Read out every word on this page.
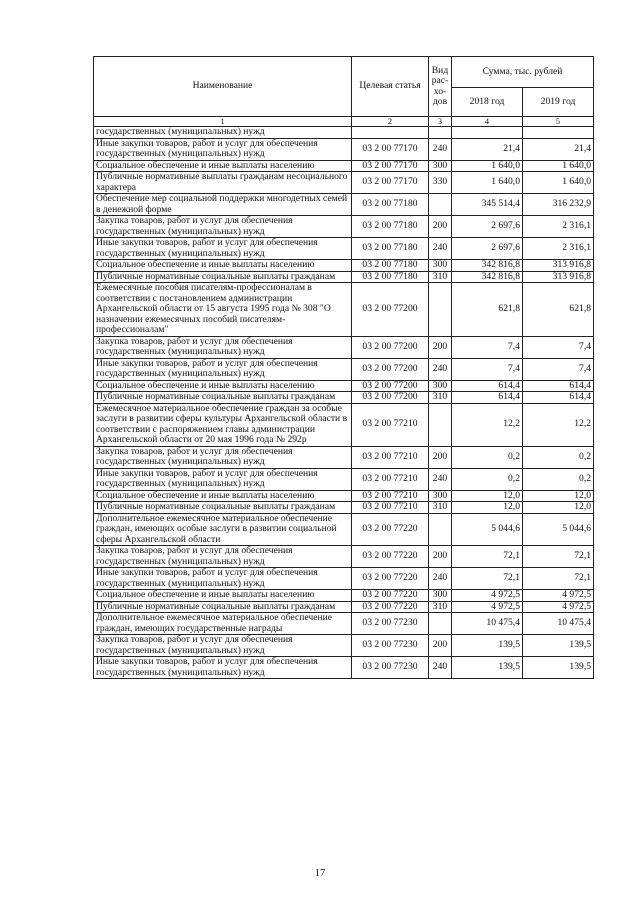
Наименование	Целевая статья	Вид
рас-
хо-
дов	Сумма, тыс. рублей	
			2018 год	2019 год
1	2	3	4	5
государственных (муниципальных) нужд				
Иные закупки товаров, работ и услуг для обеспечения государственных (муниципальных) нужд	03 2 00 77170	240	21,4	21,4
Социальное обеспечение и иные выплаты населению	03 2 00 77170	300	1 640,0	1 640,0
Публичные нормативные выплаты гражданам несоциального характера	03 2 00 77170	330	1 640,0	1 640,0
Обеспечение мер социальной поддержки многодетных семей в денежной форме	03 2 00 77180		345 514,4	316 232,9
Закупка товаров, работ и услуг для обеспечения государственных (муниципальных) нужд	03 2 00 77180	200	2 697,6	2 316,1
Иные закупки товаров, работ и услуг для обеспечения государственных (муниципальных) нужд	03 2 00 77180	240	2 697,6	2 316,1
Социальное обеспечение и иные выплаты населению	03 2 00 77180	300	342 816,8	313 916,8
Публичные нормативные социальные выплаты гражданам	03 2 00 77180	310	342 816,8	313 916,8
Ежемесячные пособия писателям-профессионалам в соответствии с постановлением администрации Архангельской области от 15 августа 1995 года № 308 "О назначении ежемесячных пособий писателям-профессионалам"	03 2 00 77200		621,8	621,8
Закупка товаров, работ и услуг для обеспечения государственных (муниципальных) нужд	03 2 00 77200	200	7,4	7,4
Иные закупки товаров, работ и услуг для обеспечения государственных (муниципальных) нужд	03 2 00 77200	240	7,4	7,4
Социальное обеспечение и иные выплаты населению	03 2 00 77200	300	614,4	614,4
Публичные нормативные социальные выплаты гражданам	03 2 00 77200	310	614,4	614,4
Ежемесячное материальное обеспечение граждан за особые заслуги в развитии сферы культуры Архангельской области в соответствии с распоряжением главы администрации Архангельской области от 20 мая 1996 года № 292р	03 2 00 77210		12,2	12,2
Закупка товаров, работ и услуг для обеспечения государственных (муниципальных) нужд	03 2 00 77210	200	0,2	0,2
Иные закупки товаров, работ и услуг для обеспечения государственных (муниципальных) нужд	03 2 00 77210	240	0,2	0,2
Социальное обеспечение и иные выплаты населению	03 2 00 77210	300	12,0	12,0
Публичные нормативные социальные выплаты гражданам	03 2 00 77210	310	12,0	12,0
Дополнительное ежемесячное материальное обеспечение граждан, имеющих особые заслуги в развитии социальной сферы Архангельской области	03 2 00 77220		5 044,6	5 044,6
Закупка товаров, работ и услуг для обеспечения государственных (муниципальных) нужд	03 2 00 77220	200	72,1	72,1
Иные закупки товаров, работ и услуг для обеспечения государственных (муниципальных) нужд	03 2 00 77220	240	72,1	72,1
Социальное обеспечение и иные выплаты населению	03 2 00 77220	300	4 972,5	4 972,5
Публичные нормативные социальные выплаты гражданам	03 2 00 77220	310	4 972,5	4 972,5
Дополнительное ежемесячное материальное обеспечение граждан, имеющих государственные награды	03 2 00 77230		10 475,4	10 475,4
Закупка товаров, работ и услуг для обеспечения государственных (муниципальных) нужд	03 2 00 77230	200	139,5	139,5
Иные закупки товаров, работ и услуг для обеспечения государственных (муниципальных) нужд	03 2 00 77230	240	139,5	139,5
17
